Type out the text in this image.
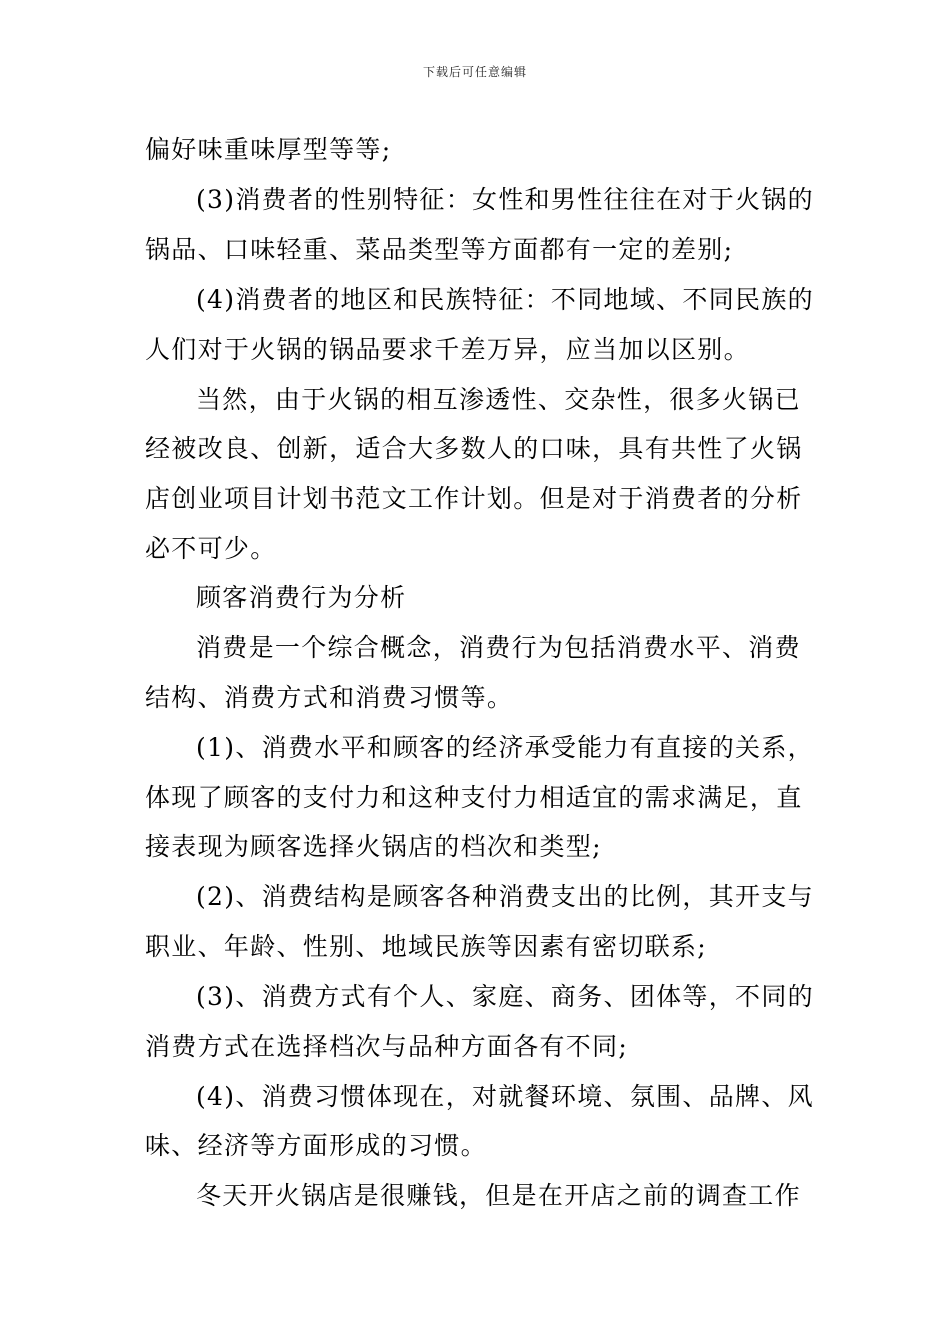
下载后可任意编辑
偏好味重味厚型等等;
(3)消费者的性别特征：女性和男性往往在对于火锅的
锅品、口味轻重、菜品类型等方面都有一定的差别;
(4)消费者的地区和民族特征：不同地域、不同民族的
人们对于火锅的锅品要求千差万异，应当加以区别。
当然，由于火锅的相互渗透性、交杂性，很多火锅已
经被改良、创新，适合大多数人的口味，具有共性了火锅
店创业项目计划书范文工作计划。但是对于消费者的分析
必不可少。
顾客消费行为分析
消费是一个综合概念，消费行为包括消费水平、消费
结构、消费方式和消费习惯等。
(1)、消费水平和顾客的经济承受能力有直接的关系，
体现了顾客的支付力和这种支付力相适宜的需求满足，直
接表现为顾客选择火锅店的档次和类型;
(2)、消费结构是顾客各种消费支出的比例，其开支与
职业、年龄、性别、地域民族等因素有密切联系;
(3)、消费方式有个人、家庭、商务、团体等，不同的
消费方式在选择档次与品种方面各有不同;
(4)、消费习惯体现在，对就餐环境、氛围、品牌、风
味、经济等方面形成的习惯。
冬天开火锅店是很赚钱，但是在开店之前的调查工作
